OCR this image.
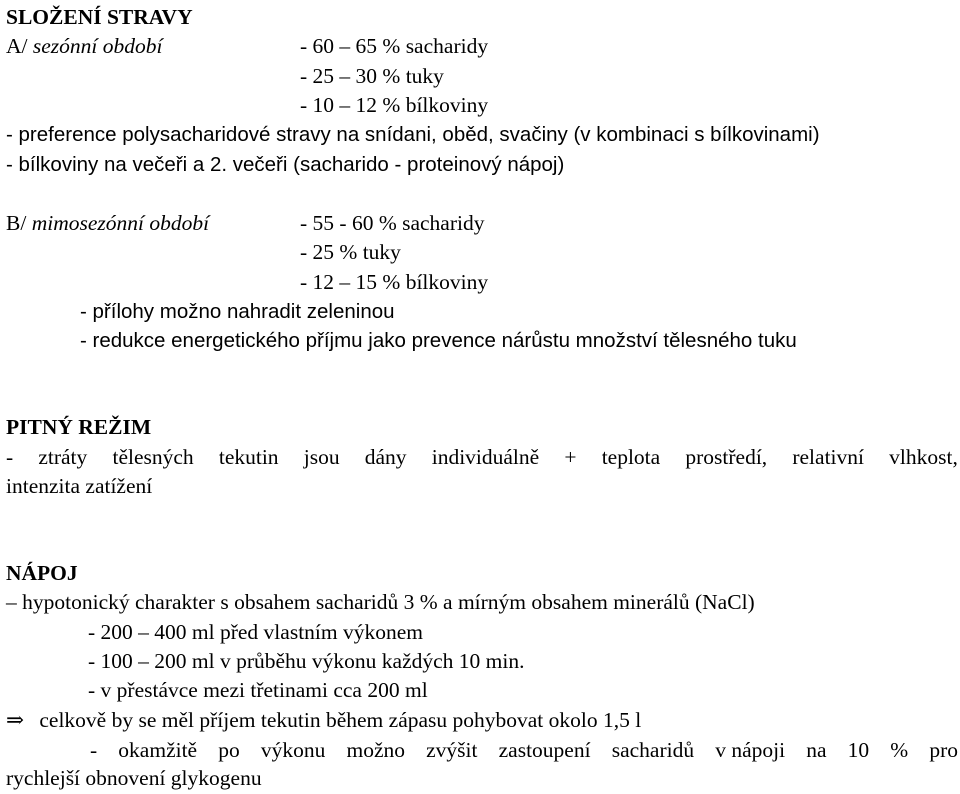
SLOŽENÍ STRAVY
A/ sezónní období	- 60 – 65 % sacharidy
- 25 – 30 % tuky
- 10 – 12 % bílkoviny
- preference polysacharidové stravy na snídani, oběd, svačiny (v kombinaci s bílkovinami)
- bílkoviny na večeři a 2. večeři (sacharido - proteinový nápoj)
B/ mimosezónní období	- 55 - 60 % sacharidy
- 25 % tuky
- 12 – 15 % bílkoviny
- přílohy možno nahradit zeleninou
- redukce energetického příjmu jako prevence nárůstu množství tělesného tuku
PITNÝ REŽIM
- ztráty tělesných tekutin jsou dány individuálně + teplota prostředí, relativní vlhkost,
intenzita zatížení
NÁPOJ
– hypotonický charakter s obsahem sacharidů 3 % a mírným obsahem minerálů (NaCl)
- 200 – 400 ml před vlastním výkonem
- 100 – 200 ml v průběhu výkonu každých 10 min.
- v přestávce mezi třetinami cca 200 ml
⇒ celkově by se měl příjem tekutin během zápasu pohybovat okolo 1,5 l
- okamžitě po výkonu možno zvýšit zastoupení sacharidů v nápoji na 10 % pro
rychlejší obnovení glykogenu
